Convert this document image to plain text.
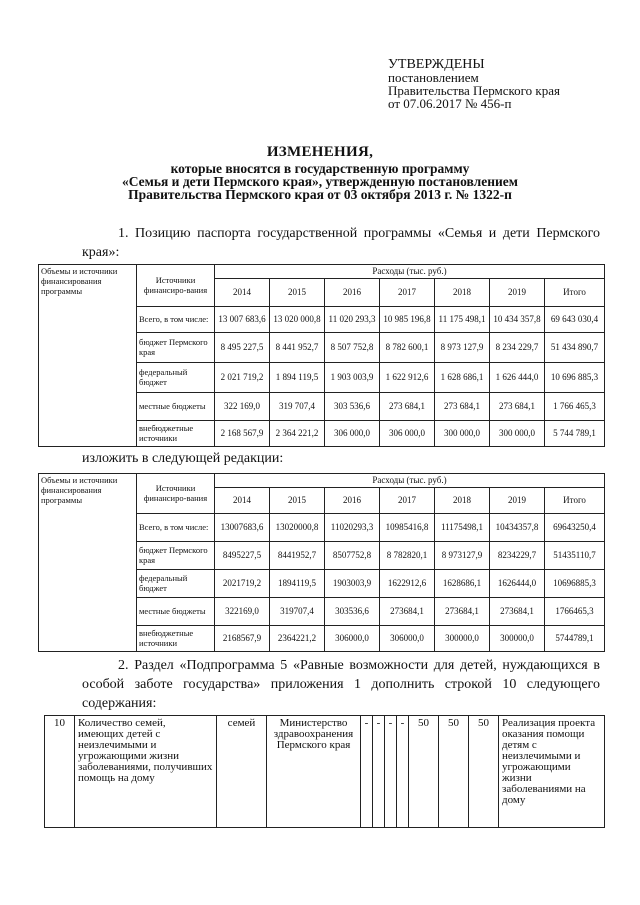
УТВЕРЖДЕНЫ
постановлением
Правительства Пермского края
от 07.06.2017 № 456-п
ИЗМЕНЕНИЯ,
которые вносятся в государственную программу
«Семья и дети Пермского края», утвержденную постановлением
Правительства Пермского края от 03 октября 2013 г. № 1322-п
1. Позицию паспорта государственной программы «Семья и дети Пермского края»:
Объемы и источники финансирования программы	Источники финансиро-вания	Расходы (тыс. руб.)						
		2014	2015	2016	2017	2018	2019	Итого
	Всего, в том числе:	13 007 683,6	13 020 000,8	11 020 293,3	10 985 196,8	11 175 498,1	10 434 357,8	69 643 030,4
	бюджет Пермского края	8 495 227,5	8 441 952,7	8 507 752,8	8 782 600,1	8 973 127,9	8 234 229,7	51 434 890,7
	федеральный бюджет	2 021 719,2	1 894 119,5	1 903 003,9	1 622 912,6	1 628 686,1	1 626 444,0	10 696 885,3
	местные бюджеты	322 169,0	319 707,4	303 536,6	273 684,1	273 684,1	273 684,1	1 766 465,3
	внебюджетные источники	2 168 567,9	2 364 221,2	306 000,0	306 000,0	300 000,0	300 000,0	5 744 789,1
изложить в следующей редакции:
Объемы и источники финансирования программы	Источники финансиро-вания	Расходы (тыс. руб.)						
		2014	2015	2016	2017	2018	2019	Итого
	Всего, в том числе:	13007683,6	13020000,8	11020293,3	10985416,8	11175498,1	10434357,8	69643250,4
	бюджет Пермского края	8495227,5	8441952,7	8507752,8	8 782820,1	8 973127,9	8234229,7	51435110,7
	федеральный бюджет	2021719,2	1894119,5	1903003,9	1622912,6	1628686,1	1626444,0	10696885,3
	местные бюджеты	322169,0	319707,4	303536,6	273684,1	273684,1	273684,1	1766465,3
	внебюджетные источники	2168567,9	2364221,2	306000,0	306000,0	300000,0	300000,0	5744789,1
2. Раздел «Подпрограмма 5 «Равные возможности для детей, нуждающихся в особой заботе государства» приложения 1 дополнить строкой 10 следующего содержания:
10	Количество семей, имеющих детей с неизлечимыми и угрожающими жизни заболеваниями, получивших помощь на дому	семей	Министерство здравоохранения Пермского края	-	-	-	-	50	50	50	Реализация проекта оказания помощи детям с неизлечимыми и угрожающими жизни заболеваниями на дому
